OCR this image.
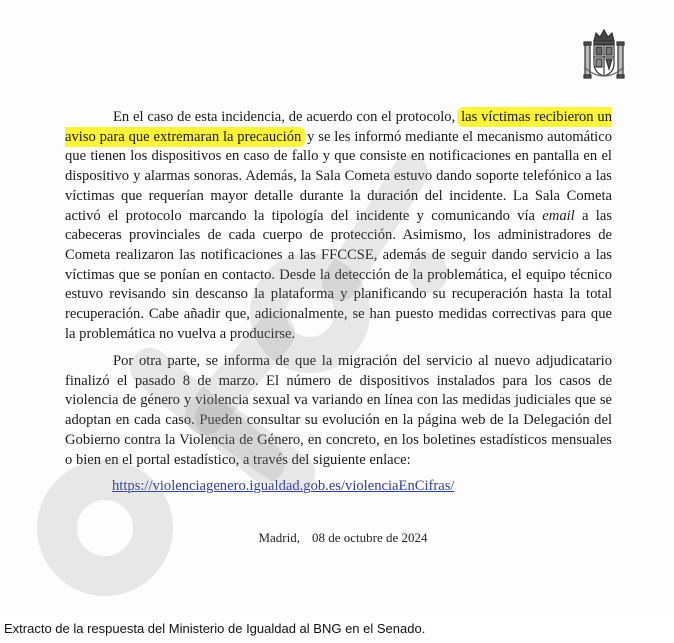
En el caso de esta incidencia, de acuerdo con el protocolo, las víctimas recibieron un aviso para que extremaran la precaución y se les informó mediante el mecanismo automático que tienen los dispositivos en caso de fallo y que consiste en notificaciones en pantalla en el dispositivo y alarmas sonoras. Además, la Sala Cometa estuvo dando soporte telefónico a las víctimas que requerían mayor detalle durante la duración del incidente. La Sala Cometa activó el protocolo marcando la tipología del incidente y comunicando vía email a las cabeceras provinciales de cada cuerpo de protección. Asimismo, los administradores de Cometa realizaron las notificaciones a las FFCCSE, además de seguir dando servicio a las víctimas que se ponían en contacto. Desde la detección de la problemática, el equipo técnico estuvo revisando sin descanso la plataforma y planificando su recuperación hasta la total recuperación. Cabe añadir que, adicionalmente, se han puesto medidas correctivas para que la problemática no vuelva a producirse.

Por otra parte, se informa de que la migración del servicio al nuevo adjudicatario finalizó el pasado 8 de marzo. El número de dispositivos instalados para los casos de violencia de género y violencia sexual va variando en línea con las medidas judiciales que se adoptan en cada caso. Pueden consultar su evolución en la página web de la Delegación del Gobierno contra la Violencia de Género, en concreto, en los boletines estadísticos mensuales o bien en el portal estadístico, a través del siguiente enlace:

https://violenciagenero.igualdad.gob.es/violenciaEnCifras/
Madrid, 08 de octubre de 2024
Extracto de la respuesta del Ministerio de Igualdad al BNG en el Senado.
